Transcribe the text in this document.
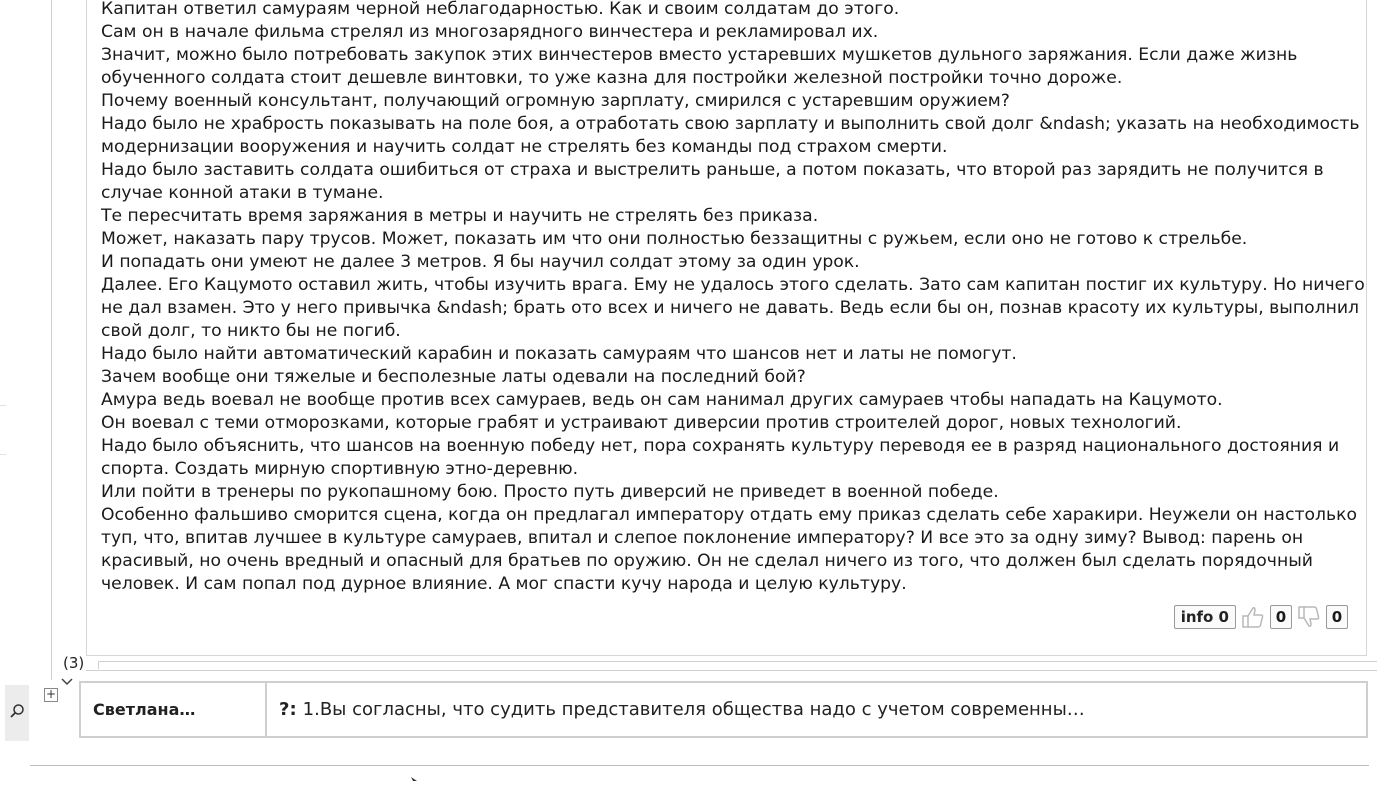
Капитан ответил самураям черной неблагодарностью. Как и своим солдатам до этого.

Сам он в начале фильма стрелял из многозарядного винчестера и рекламировал их.

Значит, можно было потребовать закупок этих винчестеров вместо устаревших мушкетов дульного заряжания. Если даже жизнь обученного солдата стоит дешевле винтовки, то уже казна для постройки железной постройки точно дороже.

Почему военный консультант, получающий огромную зарплату, смирился с устаревшим оружием?

Надо было не храбрость показывать на поле боя, а отработать свою зарплату и выполнить свой долг &ndash; указать на необходимость модернизации вооружения и научить солдат не стрелять без команды под страхом смерти.

Надо было заставить солдата ошибиться от страха и выстрелить раньше, а потом показать, что второй раз зарядить не получится в случае конной атаки в тумане.

Те пересчитать время заряжания в метры и научить не стрелять без приказа.

Может, наказать пару трусов. Может, показать им что они полностью беззащитны с ружьем, если оно не готово к стрельбе.

И попадать они умеют не далее 3 метров. Я бы научил солдат этому за один урок.

Далее. Его Кацумото оставил жить, чтобы изучить врага. Ему не удалось этого сделать. Зато сам капитан постиг их культуру. Но ничего не дал взамен. Это у него привычка &ndash; брать ото всех и ничего не давать. Ведь если бы он, познав красоту их культуры, выполнил свой долг, то никто бы не погиб.

Надо было найти автоматический карабин и показать самураям что шансов нет и латы не помогут.

Зачем вообще они тяжелые и бесполезные латы одевали на последний бой?

Амура ведь воевал не вообще против всех самураев, ведь он сам нанимал других самураев чтобы нападать на Кацумото.

Он воевал с теми отморозками, которые грабят и устраивают диверсии против строителей дорог, новых технологий.

Надо было объяснить, что шансов на военную победу нет, пора сохранять культуру переводя ее в разряд национального достояния и спорта. Создать мирную спортивную этно-деревню.

Или пойти в тренеры по рукопашному бою. Просто путь диверсий не приведет в военной победе.

Особенно фальшиво сморится сцена, когда он предлагал императору отдать ему приказ сделать себе харакири. Неужели он настолько туп, что, впитав лучшее в культуре самураев, впитал и слепое поклонение императору? И все это за одну зиму? Вывод: парень он красивый, но очень вредный и опасный для братьев по оружию. Он не сделал ничего из того, что должен был сделать порядочный человек. И сам попал под дурное влияние. А мог спасти кучу народа и целую культуру.

info 0	0	0
(3)
+
Светлана…	?: 1.Вы согласны, что судить представителя общества надо с учетом современны…
